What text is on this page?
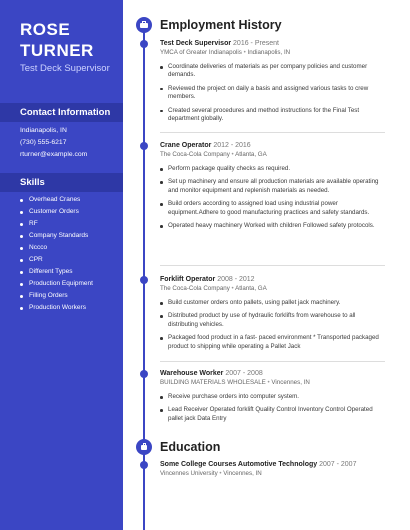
ROSE
TURNER
Test Deck Supervisor
Contact Information
Indianapolis, IN
(730) 555-6217
rturner@example.com
Skills
Overhead Cranes
Customer Orders
RF
Company Standards
Nccco
CPR
Different Types
Production Equipment
Filling Orders
Production Workers
Employment History
Test Deck Supervisor 2016 - Present
YMCA of Greater Indianapolis • Indianapolis, IN
Coordinate deliveries of materials as per company policies and customer demands.
Reviewed the project on daily a basis and assigned various tasks to crew members.
Created several procedures and method instructions for the Final Test department globally.
Crane Operator 2012 - 2016
The Coca-Cola Company • Atlanta, GA
Perform package quality checks as required.
Set up machinery and ensure all production materials are available operating and monitor equipment and replenish materials as needed.
Build orders according to assigned load using industrial power equipment.Adhere to good manufacturing practices and safety standards.
Operated heavy machinery Worked with children Followed safety protocols.
Forklift Operator 2008 - 2012
The Coca-Cola Company • Atlanta, GA
Build customer orders onto pallets, using pallet jack machinery.
Distributed product by use of hydraulic forklifts from warehouse to all distributing vehicles.
Packaged food product in a fast- paced environment * Transported packaged product to shipping while operating a Pallet Jack
Warehouse Worker 2007 - 2008
BUILDING MATERIALS WHOLESALE • Vincennes, IN
Receive purchase orders into computer system.
Lead Receiver Operated forklift Quality Control Inventory Control Operated pallet jack Data Entry
Education
Some College Courses Automotive Technology 2007 - 2007
Vincennes University • Vincennes, IN
